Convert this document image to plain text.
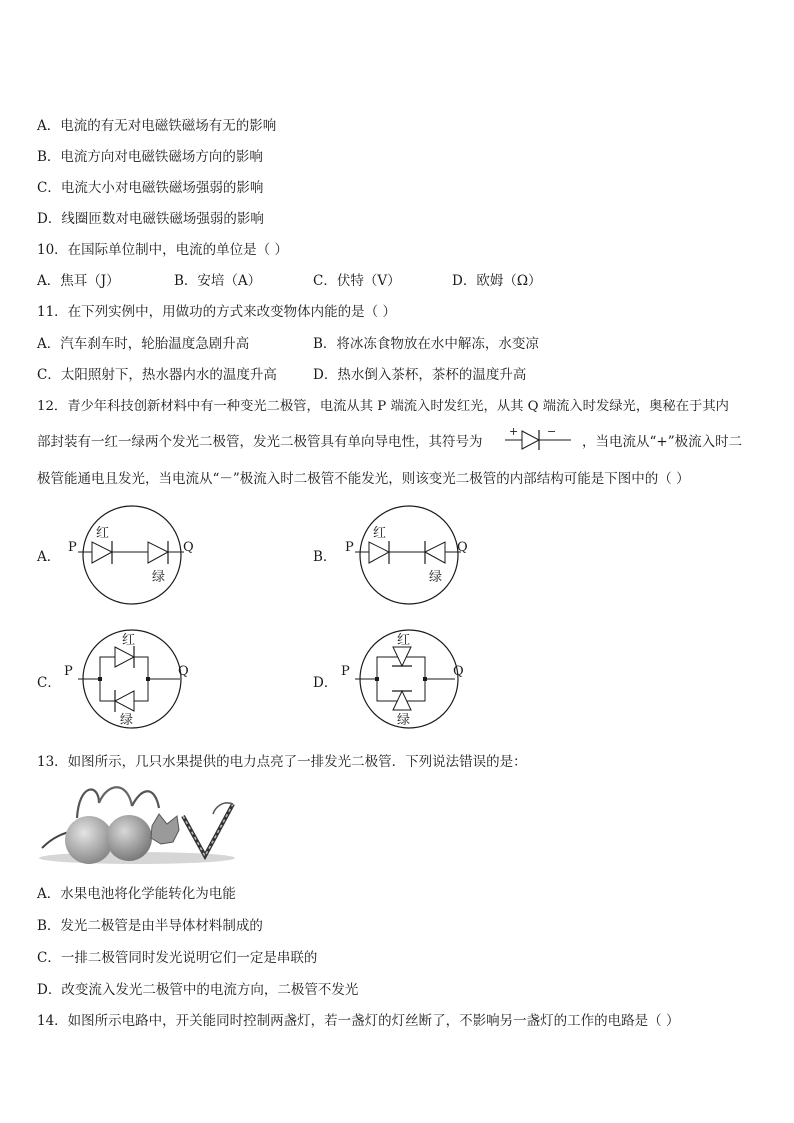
A．电流的有无对电磁铁磁场有无的影响
B．电流方向对电磁铁磁场方向的影响
C．电流大小对电磁铁磁场强弱的影响
D．线圈匝数对电磁铁磁场强弱的影响
10．在国际单位制中，电流的单位是（ ）
A．焦耳（J）	B．安培（A）	C．伏特（V）	D．欧姆（Ω）
11．在下列实例中，用做功的方式来改变物体内能的是（ ）
A．汽车刹车时，轮胎温度急剧升高	B．将冰冻食物放在水中解冻，水变凉
C．太阳照射下，热水器内水的温度升高	D．热水倒入茶杯，茶杯的温度升高
12．青少年科技创新材料中有一种变光二极管，电流从其 P 端流入时发红光，从其 Q 端流入时发绿光，奥秘在于其内
部封装有一红一绿两个发光二极管，发光二极管具有单向导电性，其符号为
+	−
，当电流从“+”极流入时二
极管能通电且发光，当电流从“－”极流入时二极管不能发光，则该变光二极管的内部结构可能是下图中的（ ）
A．
P	Q
红
绿
B．
P	Q
红
绿
C．
P	Q
红
绿
D．
P	Q
红
绿
13．如图所示，几只水果提供的电力点亮了一排发光二极管．下列说法错误的是：
A．水果电池将化学能转化为电能
B．发光二极管是由半导体材料制成的
C．一排二极管同时发光说明它们一定是串联的
D．改变流入发光二极管中的电流方向，二极管不发光
14．如图所示电路中，开关能同时控制两盏灯，若一盏灯的灯丝断了，不影响另一盏灯的工作的电路是（ ）
